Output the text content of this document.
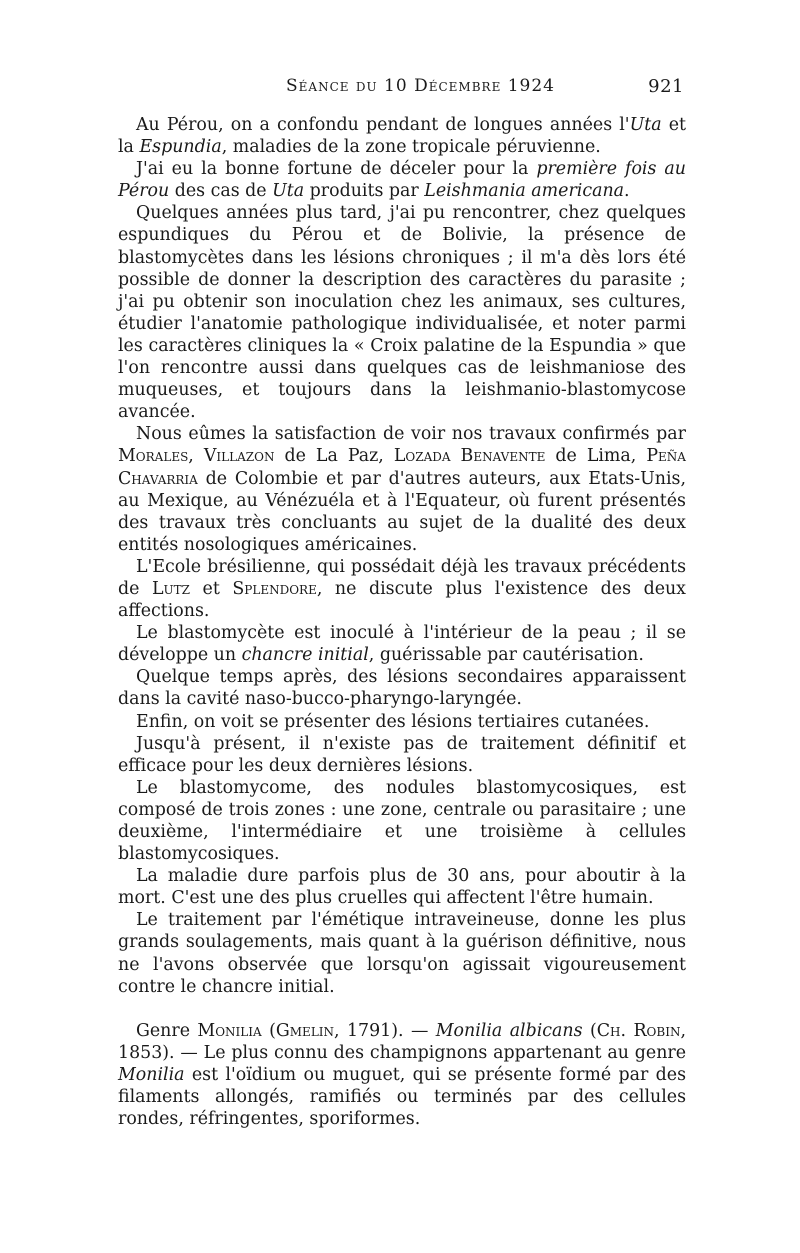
Séance du 10 Décembre 1924	921

Au Pérou, on a confondu pendant de longues années l'Uta et la Espundia, maladies de la zone tropicale péruvienne.

J'ai eu la bonne fortune de déceler pour la première fois au Pérou des cas de Uta produits par Leishmania americana.

Quelques années plus tard, j'ai pu rencontrer, chez quelques espundiques du Pérou et de Bolivie, la présence de blastomycètes dans les lésions chroniques ; il m'a dès lors été possible de donner la description des caractères du parasite ; j'ai pu obtenir son inoculation chez les animaux, ses cultures, étudier l'anatomie pathologique individualisée, et noter parmi les caractères cliniques la « Croix palatine de la Espundia » que l'on rencontre aussi dans quelques cas de leishmaniose des muqueuses, et toujours dans la leishmanio-blastomycose avancée.

Nous eûmes la satisfaction de voir nos travaux confirmés par Morales, Villazon de La Paz, Lozada Benavente de Lima, Peña Chavarria de Colombie et par d'autres auteurs, aux Etats-Unis, au Mexique, au Vénézuéla et à l'Equateur, où furent présentés des travaux très concluants au sujet de la dualité des deux entités nosologiques américaines.

L'Ecole brésilienne, qui possédait déjà les travaux précédents de Lutz et Splendore, ne discute plus l'existence des deux affections.

Le blastomycète est inoculé à l'intérieur de la peau ; il se développe un chancre initial, guérissable par cautérisation.

Quelque temps après, des lésions secondaires apparaissent dans la cavité naso-bucco-pharyngo-laryngée.

Enfin, on voit se présenter des lésions tertiaires cutanées.

Jusqu'à présent, il n'existe pas de traitement définitif et efficace pour les deux dernières lésions.

Le blastomycome, des nodules blastomycosiques, est composé de trois zones : une zone, centrale ou parasitaire ; une deuxième, l'intermédiaire et une troisième à cellules blastomycosiques.

La maladie dure parfois plus de 30 ans, pour aboutir à la mort. C'est une des plus cruelles qui affectent l'être humain.

Le traitement par l'émétique intraveineuse, donne les plus grands soulagements, mais quant à la guérison définitive, nous ne l'avons observée que lorsqu'on agissait vigoureusement contre le chancre initial.

Genre Monilia (Gmelin, 1791). — Monilia albicans (Ch. Robin, 1853). — Le plus connu des champignons appartenant au genre Monilia est l'oïdium ou muguet, qui se présente formé par des filaments allongés, ramifiés ou terminés par des cellules rondes, réfringentes, sporiformes.
